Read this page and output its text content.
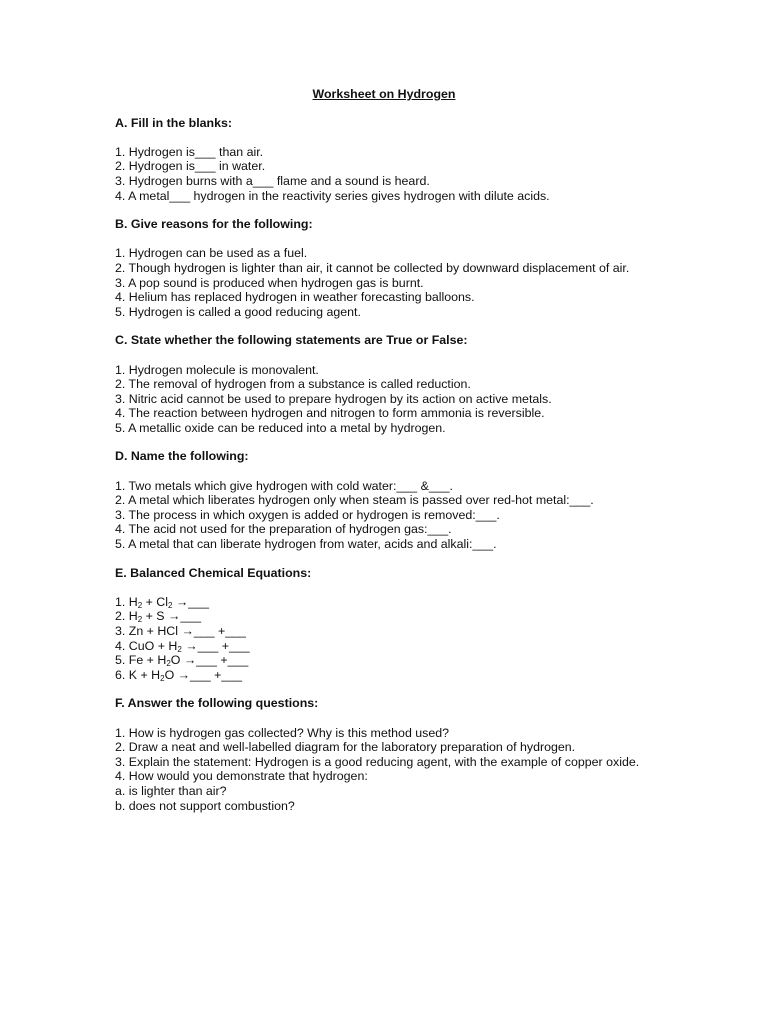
Worksheet on Hydrogen
A. Fill in the blanks:
1. Hydrogen is___ than air.
2. Hydrogen is___ in water.
3. Hydrogen burns with a___ flame and a sound is heard.
4. A metal___ hydrogen in the reactivity series gives hydrogen with dilute acids.
B. Give reasons for the following:
1. Hydrogen can be used as a fuel.
2. Though hydrogen is lighter than air, it cannot be collected by downward displacement of air.
3. A pop sound is produced when hydrogen gas is burnt.
4. Helium has replaced hydrogen in weather forecasting balloons.
5. Hydrogen is called a good reducing agent.
C. State whether the following statements are True or False:
1. Hydrogen molecule is monovalent.
2. The removal of hydrogen from a substance is called reduction.
3. Nitric acid cannot be used to prepare hydrogen by its action on active metals.
4. The reaction between hydrogen and nitrogen to form ammonia is reversible.
5. A metallic oxide can be reduced into a metal by hydrogen.
D. Name the following:
1. Two metals which give hydrogen with cold water:___ &___.
2. A metal which liberates hydrogen only when steam is passed over red-hot metal:___.
3. The process in which oxygen is added or hydrogen is removed:___.
4. The acid not used for the preparation of hydrogen gas:___.
5. A metal that can liberate hydrogen from water, acids and alkali:___.
E. Balanced Chemical Equations:
1. $H_2 + Cl_2$ →___
2. $H_2 + S$ →___
3. Zn + HCl →___ +___
4. CuO + $H_2$ →___ +___
5. $Fe + H_2O$ →___ +___
6. $K + H_2O$ →___ +___
F. Answer the following questions:
1. How is hydrogen gas collected? Why is this method used?
2. Draw a neat and well-labelled diagram for the laboratory preparation of hydrogen.
3. Explain the statement: Hydrogen is a good reducing agent, with the example of copper oxide.
4. How would you demonstrate that hydrogen:
a. is lighter than air?
b. does not support combustion?
